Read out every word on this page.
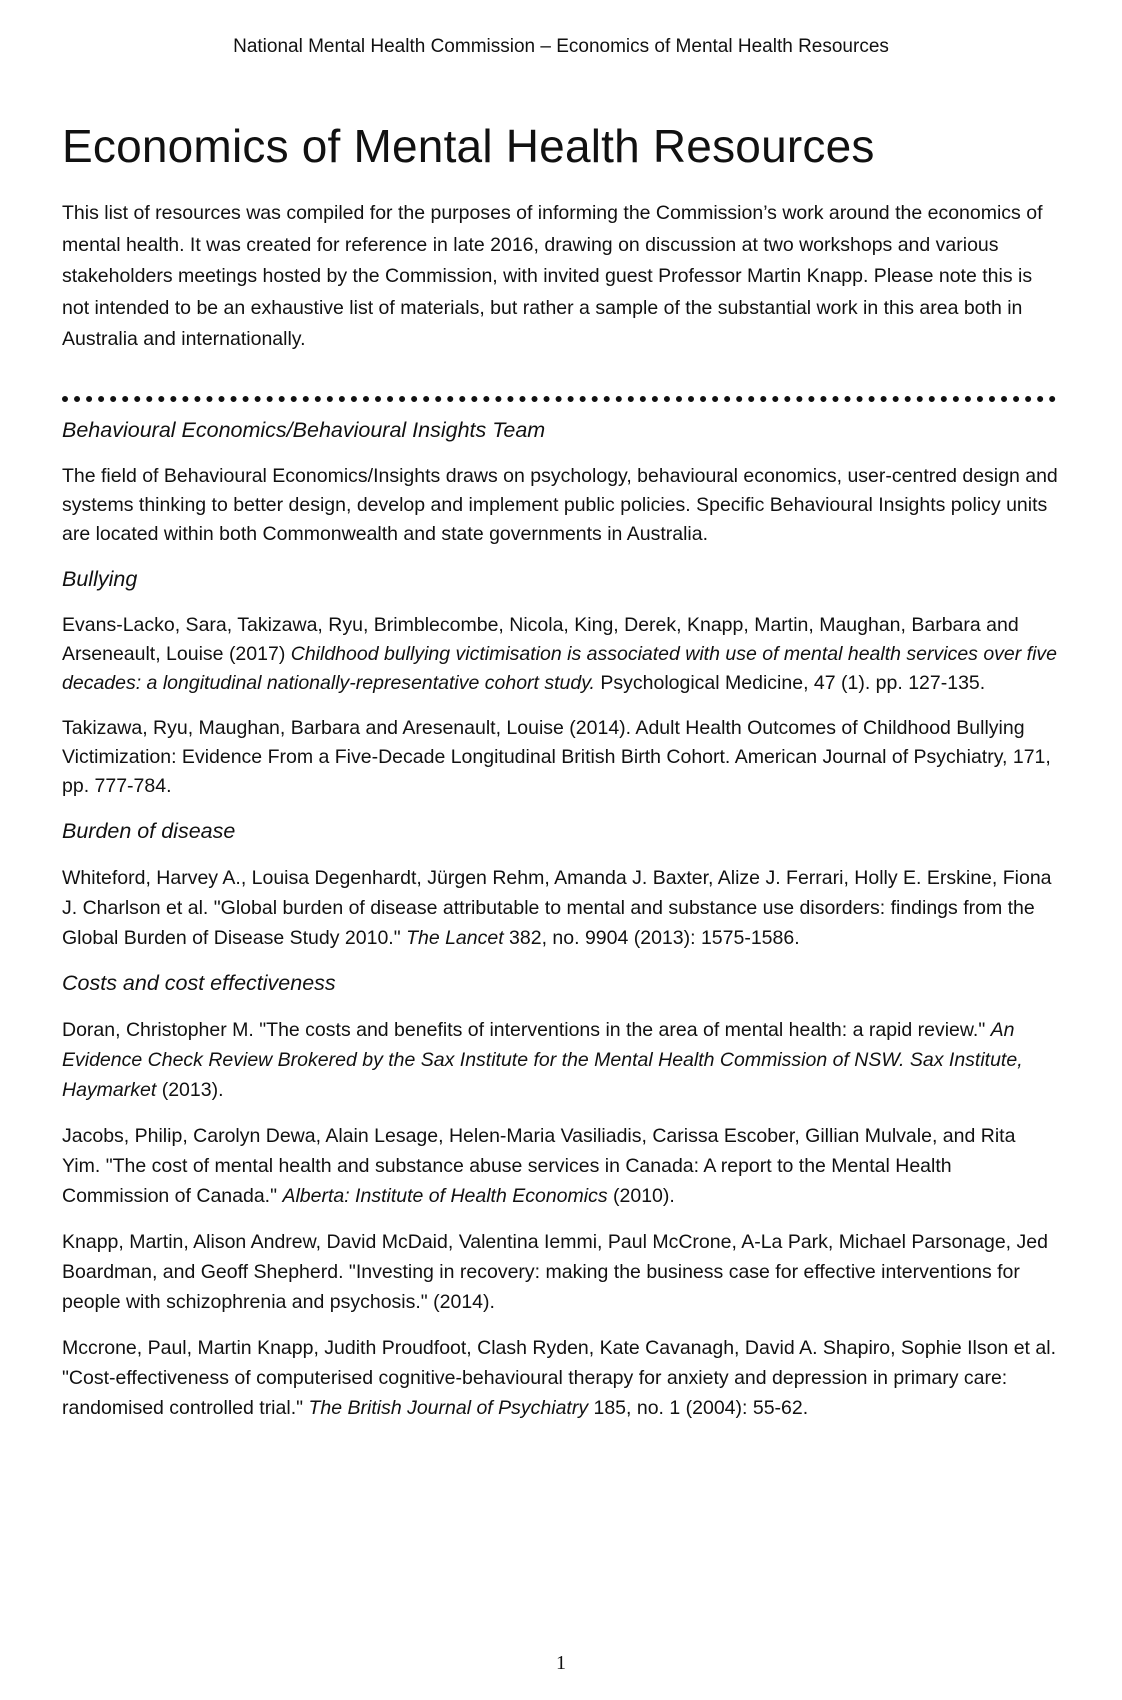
National Mental Health Commission – Economics of Mental Health Resources
Economics of Mental Health Resources

This list of resources was compiled for the purposes of informing the Commission’s work around the economics of mental health. It was created for reference in late 2016, drawing on discussion at two workshops and various stakeholders meetings hosted by the Commission, with invited guest Professor Martin Knapp. Please note this is not intended to be an exhaustive list of materials, but rather a sample of the substantial work in this area both in Australia and internationally.

Behavioural Economics/Behavioural Insights Team

The field of Behavioural Economics/Insights draws on psychology, behavioural economics, user-centred design and systems thinking to better design, develop and implement public policies. Specific Behavioural Insights policy units are located within both Commonwealth and state governments in Australia.

Bullying

Evans-Lacko, Sara, Takizawa, Ryu, Brimblecombe, Nicola, King, Derek, Knapp, Martin, Maughan, Barbara and Arseneault, Louise (2017) Childhood bullying victimisation is associated with use of mental health services over five decades: a longitudinal nationally-representative cohort study. Psychological Medicine, 47 (1). pp. 127-135.

Takizawa, Ryu, Maughan, Barbara and Aresenault, Louise (2014). Adult Health Outcomes of Childhood Bullying Victimization: Evidence From a Five-Decade Longitudinal British Birth Cohort. American Journal of Psychiatry, 171, pp. 777-784.

Burden of disease

Whiteford, Harvey A., Louisa Degenhardt, Jürgen Rehm, Amanda J. Baxter, Alize J. Ferrari, Holly E. Erskine, Fiona J. Charlson et al. "Global burden of disease attributable to mental and substance use disorders: findings from the Global Burden of Disease Study 2010." The Lancet 382, no. 9904 (2013): 1575-1586.

Costs and cost effectiveness

Doran, Christopher M. "The costs and benefits of interventions in the area of mental health: a rapid review." An Evidence Check Review Brokered by the Sax Institute for the Mental Health Commission of NSW. Sax Institute, Haymarket (2013).

Jacobs, Philip, Carolyn Dewa, Alain Lesage, Helen-Maria Vasiliadis, Carissa Escober, Gillian Mulvale, and Rita Yim. "The cost of mental health and substance abuse services in Canada: A report to the Mental Health Commission of Canada." Alberta: Institute of Health Economics (2010).

Knapp, Martin, Alison Andrew, David McDaid, Valentina Iemmi, Paul McCrone, A-La Park, Michael Parsonage, Jed Boardman, and Geoff Shepherd. "Investing in recovery: making the business case for effective interventions for people with schizophrenia and psychosis." (2014).

Mccrone, Paul, Martin Knapp, Judith Proudfoot, Clash Ryden, Kate Cavanagh, David A. Shapiro, Sophie Ilson et al. "Cost-effectiveness of computerised cognitive-behavioural therapy for anxiety and depression in primary care: randomised controlled trial." The British Journal of Psychiatry 185, no. 1 (2004): 55-62.

1
